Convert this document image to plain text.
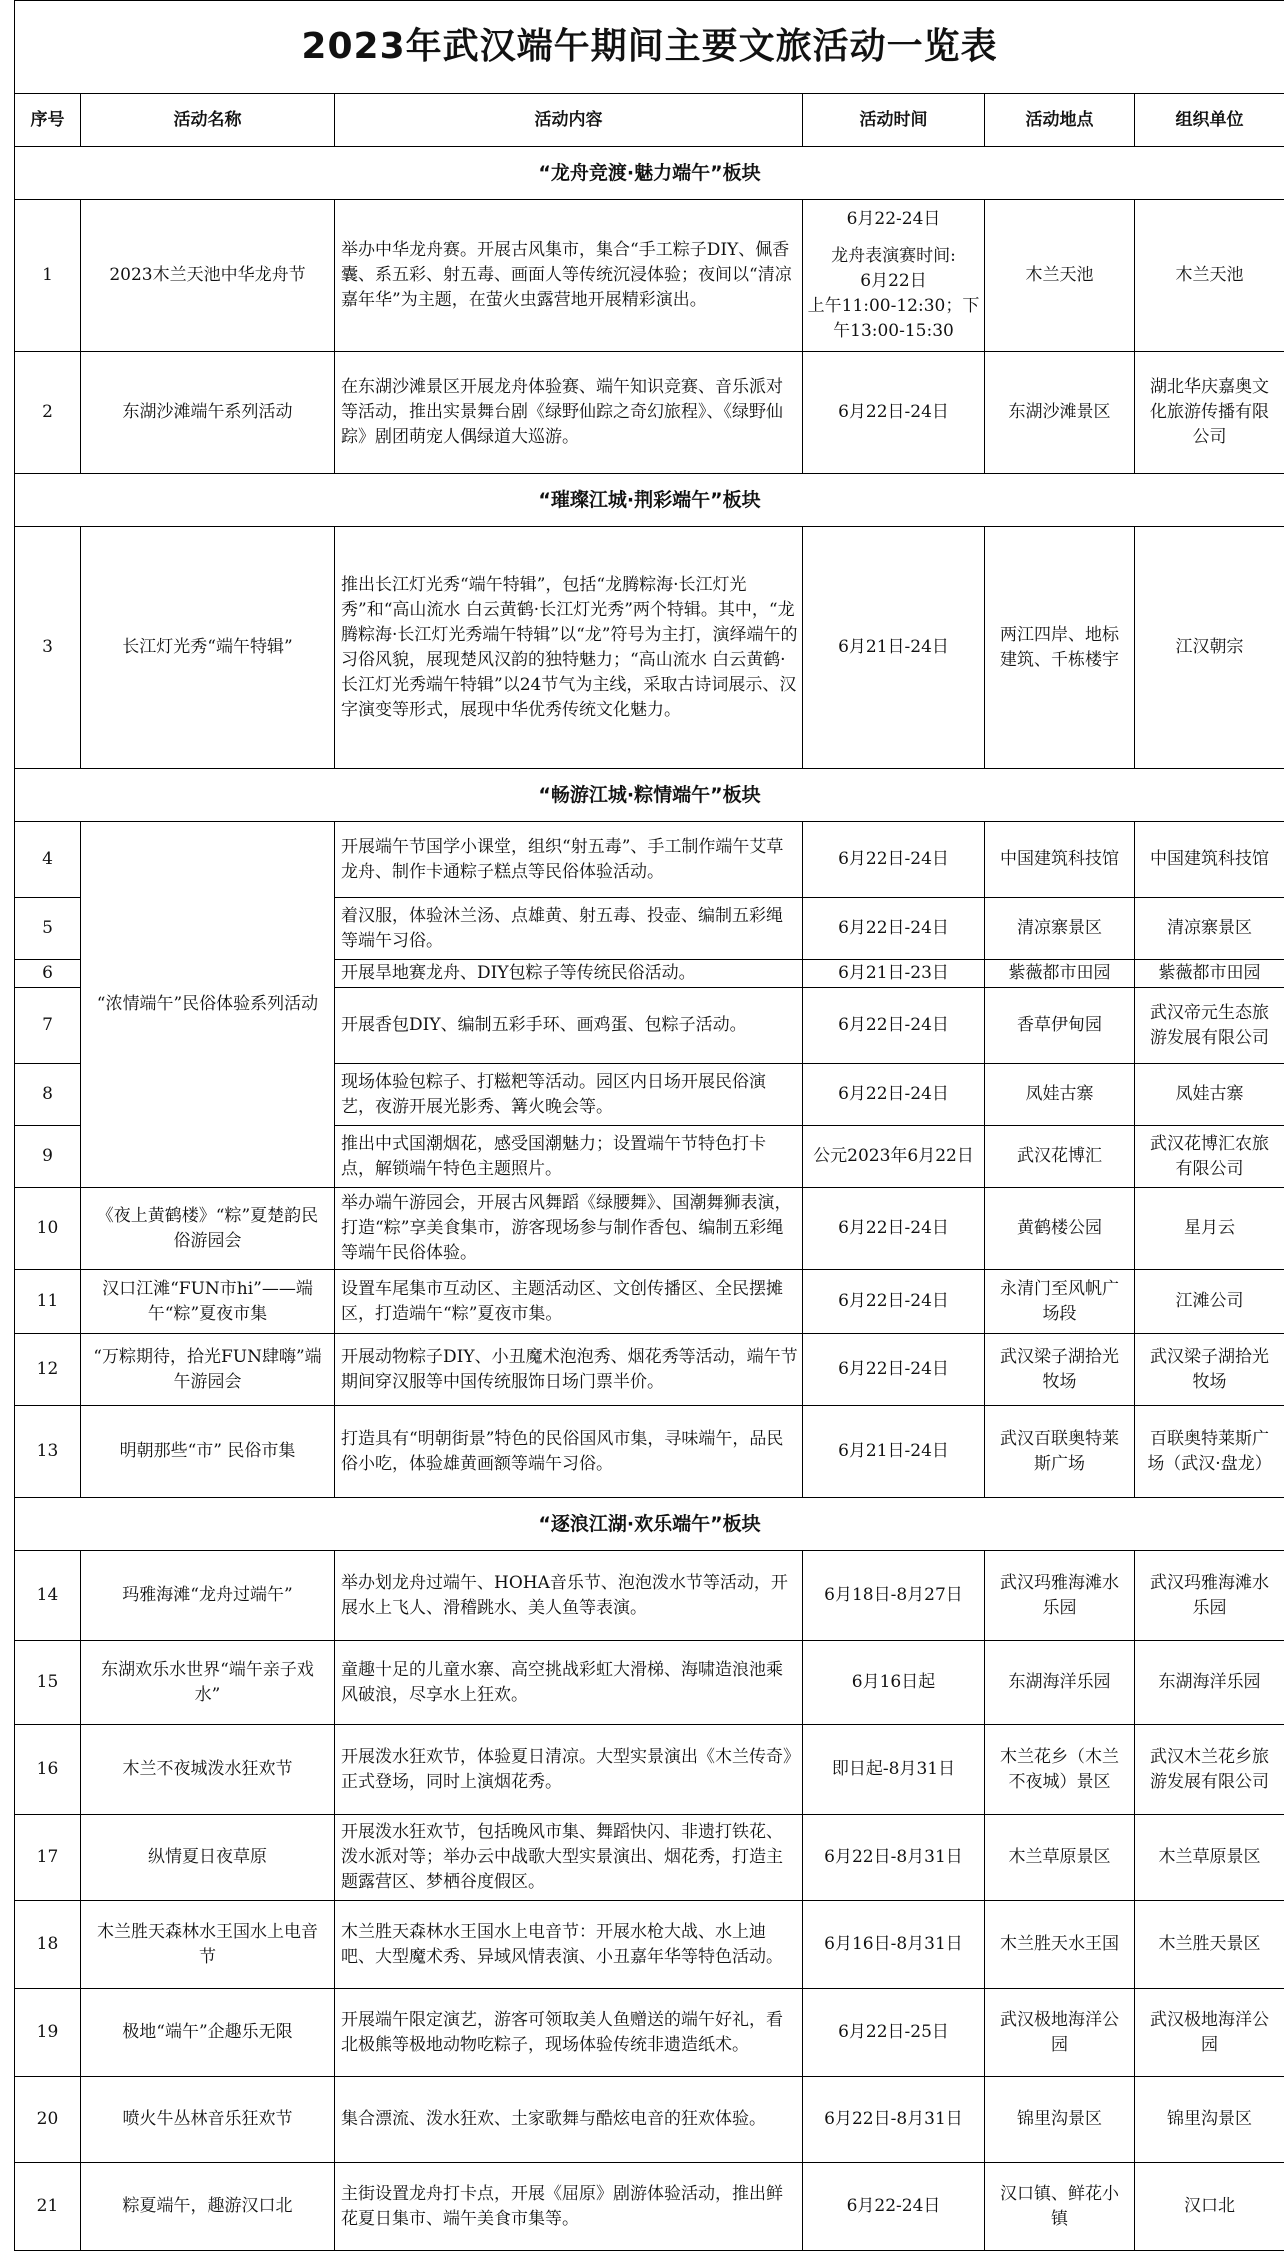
2023年武汉端午期间主要文旅活动一览表					
序号	活动名称	活动内容	活动时间	活动地点	组织单位
“龙舟竞渡·魅力端午”板块					
1	2023木兰天池中华龙舟节	举办中华龙舟赛。开展古风集市，集合“手工粽子DIY、佩香囊、系五彩、射五毒、画面人等传统沉浸体验；夜间以“清凉嘉年华”为主题，在萤火虫露营地开展精彩演出。	6月22-24日
龙舟表演赛时间:
6月22日
上午11:00-12:30；下午13:00-15:30	木兰天池	木兰天池
2	东湖沙滩端午系列活动	在东湖沙滩景区开展龙舟体验赛、端午知识竞赛、音乐派对等活动，推出实景舞台剧《绿野仙踪之奇幻旅程》、《绿野仙踪》剧团萌宠人偶绿道大巡游。	6月22日-24日	东湖沙滩景区	湖北华庆嘉奥文化旅游传播有限公司
“璀璨江城·荆彩端午”板块					
3	长江灯光秀“端午特辑”	推出长江灯光秀“端午特辑”，包括“龙腾粽海·长江灯光秀”和“高山流水 白云黄鹤·长江灯光秀”两个特辑。其中，“龙腾粽海·长江灯光秀端午特辑”以“龙”符号为主打，演绎端午的习俗风貌，展现楚风汉韵的独特魅力；“高山流水 白云黄鹤·长江灯光秀端午特辑”以24节气为主线，采取古诗词展示、汉字演变等形式，展现中华优秀传统文化魅力。	6月21日-24日	两江四岸、地标建筑、千栋楼宇	江汉朝宗
“畅游江城·粽情端午”板块					
4	“浓情端午”民俗体验系列活动	开展端午节国学小课堂，组织“射五毒”、手工制作端午艾草龙舟、制作卡通粽子糕点等民俗体验活动。	6月22日-24日	中国建筑科技馆	中国建筑科技馆
5		着汉服，体验沐兰汤、点雄黄、射五毒、投壶、编制五彩绳等端午习俗。	6月22日-24日	清凉寨景区	清凉寨景区
6		开展旱地赛龙舟、DIY包粽子等传统民俗活动。	6月21日-23日	紫薇都市田园	紫薇都市田园
7		开展香包DIY、编制五彩手环、画鸡蛋、包粽子活动。	6月22日-24日	香草伊甸园	武汉帝元生态旅游发展有限公司
8		现场体验包粽子、打糍粑等活动。园区内日场开展民俗演艺，夜游开展光影秀、篝火晚会等。	6月22日-24日	凤娃古寨	凤娃古寨
9		推出中式国潮烟花，感受国潮魅力；设置端午节特色打卡点，解锁端午特色主题照片。	公元2023年6月22日	武汉花博汇	武汉花博汇农旅有限公司
10	《夜上黄鹤楼》“粽”夏楚韵民俗游园会	举办端午游园会，开展古风舞蹈《绿腰舞》、国潮舞狮表演，打造“粽”享美食集市，游客现场参与制作香包、编制五彩绳等端午民俗体验。	6月22日-24日	黄鹤楼公园	星月云
11	汉口江滩“FUN市hi”——端午“粽”夏夜市集	设置车尾集市互动区、主题活动区、文创传播区、全民摆摊区，打造端午“粽”夏夜市集。	6月22日-24日	永清门至风帆广场段	江滩公司
12	“万粽期待，拾光FUN肆嗨”端午游园会	开展动物粽子DIY、小丑魔术泡泡秀、烟花秀等活动，端午节期间穿汉服等中国传统服饰日场门票半价。	6月22日-24日	武汉梁子湖拾光牧场	武汉梁子湖拾光牧场
13	明朝那些“市” 民俗市集	打造具有“明朝街景”特色的民俗国风市集，寻味端午，品民俗小吃，体验雄黄画额等端午习俗。	6月21日-24日	武汉百联奥特莱斯广场	百联奥特莱斯广场（武汉·盘龙）
“逐浪江湖·欢乐端午”板块					
14	玛雅海滩“龙舟过端午”	举办划龙舟过端午、HOHA音乐节、泡泡泼水节等活动，开展水上飞人、滑稽跳水、美人鱼等表演。	6月18日-8月27日	武汉玛雅海滩水乐园	武汉玛雅海滩水乐园
15	东湖欢乐水世界“端午亲子戏水”	童趣十足的儿童水寨、高空挑战彩虹大滑梯、海啸造浪池乘风破浪，尽享水上狂欢。	6月16日起	东湖海洋乐园	东湖海洋乐园
16	木兰不夜城泼水狂欢节	开展泼水狂欢节，体验夏日清凉。大型实景演出《木兰传奇》正式登场，同时上演烟花秀。	即日起-8月31日	木兰花乡（木兰不夜城）景区	武汉木兰花乡旅游发展有限公司
17	纵情夏日夜草原	开展泼水狂欢节，包括晚风市集、舞蹈快闪、非遗打铁花、泼水派对等；举办云中战歌大型实景演出、烟花秀，打造主题露营区、梦栖谷度假区。	6月22日-8月31日	木兰草原景区	木兰草原景区
18	木兰胜天森林水王国水上电音节	木兰胜天森林水王国水上电音节：开展水枪大战、水上迪吧、大型魔术秀、异域风情表演、小丑嘉年华等特色活动。	6月16日-8月31日	木兰胜天水王国	木兰胜天景区
19	极地“端午”企趣乐无限	开展端午限定演艺，游客可领取美人鱼赠送的端午好礼，看北极熊等极地动物吃粽子，现场体验传统非遗造纸术。	6月22日-25日	武汉极地海洋公园	武汉极地海洋公园
20	喷火牛丛林音乐狂欢节	集合漂流、泼水狂欢、土家歌舞与酷炫电音的狂欢体验。	6月22日-8月31日	锦里沟景区	锦里沟景区
21	粽夏端午，趣游汉口北	主街设置龙舟打卡点，开展《屈原》剧游体验活动，推出鲜花夏日集市、端午美食市集等。	6月22-24日	汉口镇、鲜花小镇	汉口北
